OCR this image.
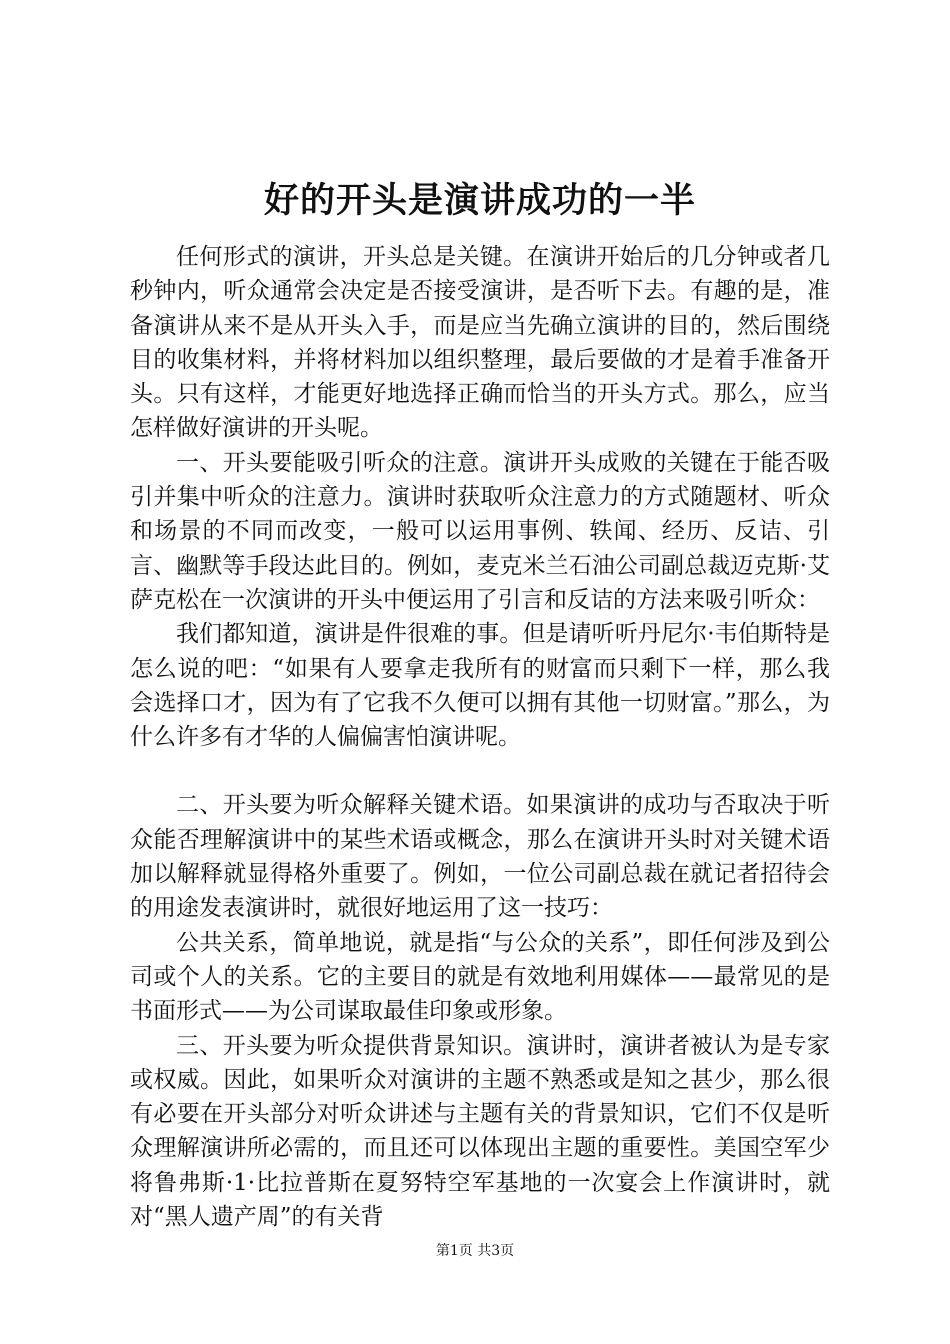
好的开头是演讲成功的一半

任何形式的演讲，开头总是关键。在演讲开始后的几分钟或者几秒钟内，听众通常会决定是否接受演讲，是否听下去。有趣的是，准备演讲从来不是从开头入手，而是应当先确立演讲的目的，然后围绕目的收集材料，并将材料加以组织整理，最后要做的才是着手准备开头。只有这样，才能更好地选择正确而恰当的开头方式。那么，应当怎样做好演讲的开头呢。

一、开头要能吸引听众的注意。演讲开头成败的关键在于能否吸引并集中听众的注意力。演讲时获取听众注意力的方式随题材、听众和场景的不同而改变，一般可以运用事例、轶闻、经历、反诘、引言、幽默等手段达此目的。例如，麦克米兰石油公司副总裁迈克斯·艾萨克松在一次演讲的开头中便运用了引言和反诘的方法来吸引听众：

我们都知道，演讲是件很难的事。但是请听听丹尼尔·韦伯斯特是怎么说的吧：“如果有人要拿走我所有的财富而只剩下一样，那么我会选择口才，因为有了它我不久便可以拥有其他一切财富。”那么，为什么许多有才华的人偏偏害怕演讲呢。

二、开头要为听众解释关键术语。如果演讲的成功与否取决于听众能否理解演讲中的某些术语或概念，那么在演讲开头时对关键术语加以解释就显得格外重要了。例如，一位公司副总裁在就记者招待会的用途发表演讲时，就很好地运用了这一技巧：

公共关系，简单地说，就是指“与公众的关系”，即任何涉及到公司或个人的关系。它的主要目的就是有效地利用媒体——最常见的是书面形式——为公司谋取最佳印象或形象。

三、开头要为听众提供背景知识。演讲时，演讲者被认为是专家或权威。因此，如果听众对演讲的主题不熟悉或是知之甚少，那么很有必要在开头部分对听众讲述与主题有关的背景知识，它们不仅是听众理解演讲所必需的，而且还可以体现出主题的重要性。美国空军少将鲁弗斯·1·比拉普斯在夏努特空军基地的一次宴会上作演讲时，就对“黑人遗产周”的有关背

第1页 共3页
